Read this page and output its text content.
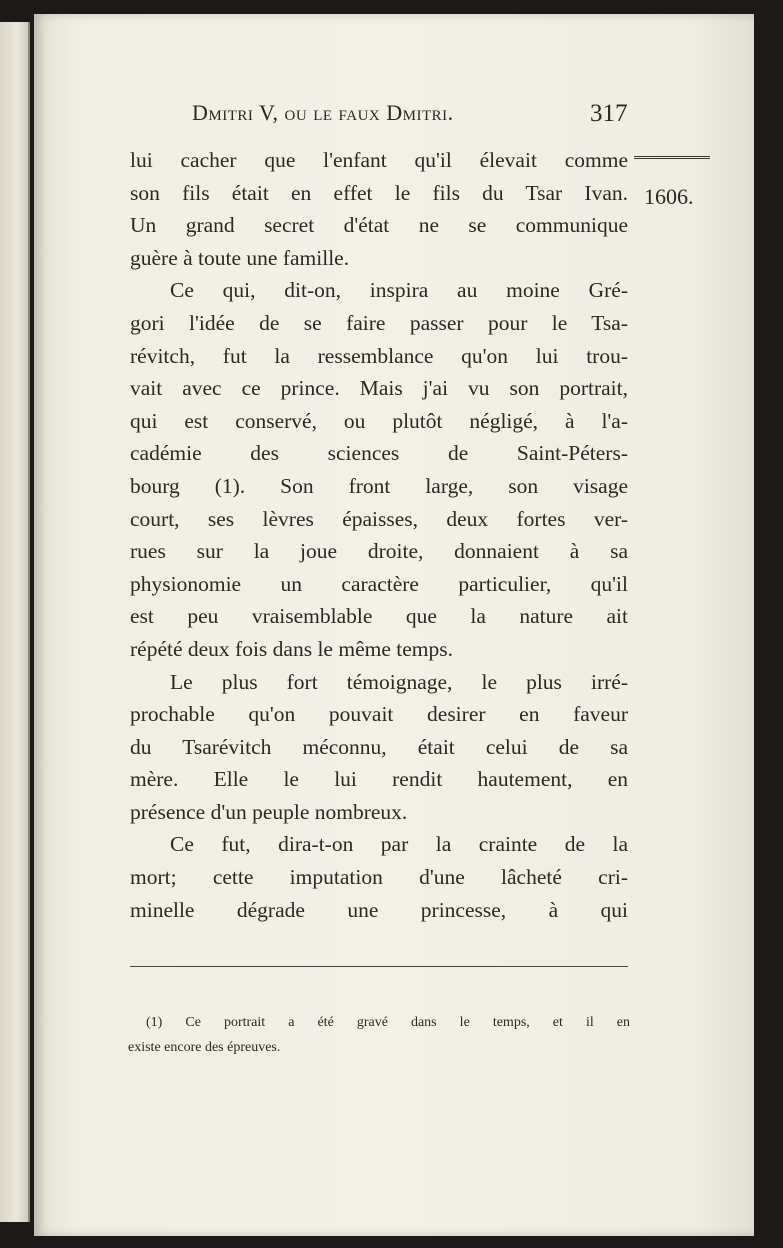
Dmitri V, ou le faux Dmitri.	317
1606.
lui cacher que l'enfant qu'il élevait comme
son fils était en effet le fils du Tsar Ivan.
Un grand secret d'état ne se communique
guère à toute une famille.
Ce qui, dit-on, inspira au moine Gré-
gori l'idée de se faire passer pour le Tsa-
révitch, fut la ressemblance qu'on lui trou-
vait avec ce prince. Mais j'ai vu son portrait,
qui est conservé, ou plutôt négligé, à l'a-
cadémie des sciences de Saint-Péters-
bourg (1). Son front large, son visage
court, ses lèvres épaisses, deux fortes ver-
rues sur la joue droite, donnaient à sa
physionomie un caractère particulier, qu'il
est peu vraisemblable que la nature ait
répété deux fois dans le même temps.
Le plus fort témoignage, le plus irré-
prochable qu'on pouvait desirer en faveur
du Tsarévitch méconnu, était celui de sa
mère. Elle le lui rendit hautement, en
présence d'un peuple nombreux.
Ce fut, dira-t-on par la crainte de la
mort; cette imputation d'une lâcheté cri-
minelle dégrade une princesse, à qui
(1) Ce portrait a été gravé dans le temps, et il en
existe encore des épreuves.
